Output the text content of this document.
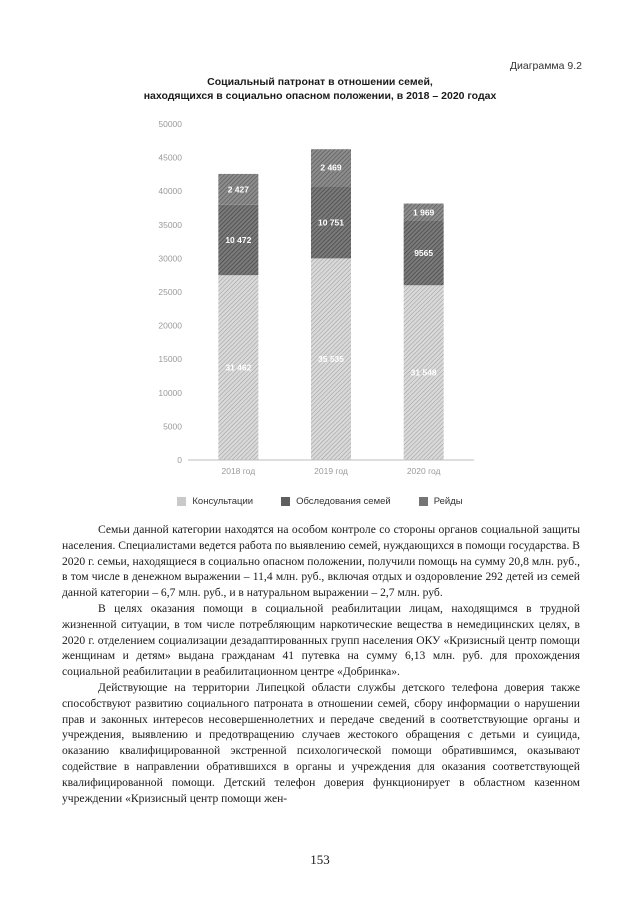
Диаграмма 9.2
Социальный патронат в отношении семей,
находящихся в социально опасном положении, в 2018 – 2020 годах
0
5000
10000
15000
20000
25000
30000
35000
40000
45000
50000
31 462
10 472
2 427
35 535
10 751
2 469
31 548
9565
1 969
2018 год	2019 год	2020 год
Консультации	Обследования семей	Рейды

Семьи данной категории находятся на особом контроле со стороны органов социальной защиты населения. Специалистами ведется работа по выявлению семей, нуждающихся в помощи государства. В 2020 г. семьи, находящиеся в социально опасном положении, получили помощь на сумму 20,8 млн. руб., в том числе в денежном выражении – 11,4 млн. руб., включая отдых и оздоровление 292 детей из семей данной категории – 6,7 млн. руб., и в натуральном выражении – 2,7 млн. руб.

В целях оказания помощи в социальной реабилитации лицам, находящимся в трудной жизненной ситуации, в том числе потребляющим наркотические вещества в немедицинских целях, в 2020 г. отделением социализации дезадаптированных групп населения ОКУ «Кризисный центр помощи женщинам и детям» выдана гражданам 41 путевка на сумму 6,13 млн. руб. для прохождения социальной реабилитации в реабилитационном центре «Добринка».

Действующие на территории Липецкой области службы детского телефона доверия также способствуют развитию социального патроната в отношении семей, сбору информации о нарушении прав и законных интересов несовершеннолетних и передаче сведений в соответствующие органы и учреждения, выявлению и предотвращению случаев жестокого обращения с детьми и суицида, оказанию квалифицированной экстренной психологической помощи обратившимся, оказывают содействие в направлении обратившихся в органы и учреждения для оказания соответствующей квалифицированной помощи. Детский телефон доверия функционирует в областном казенном учреждении «Кризисный центр помощи жен-

153
